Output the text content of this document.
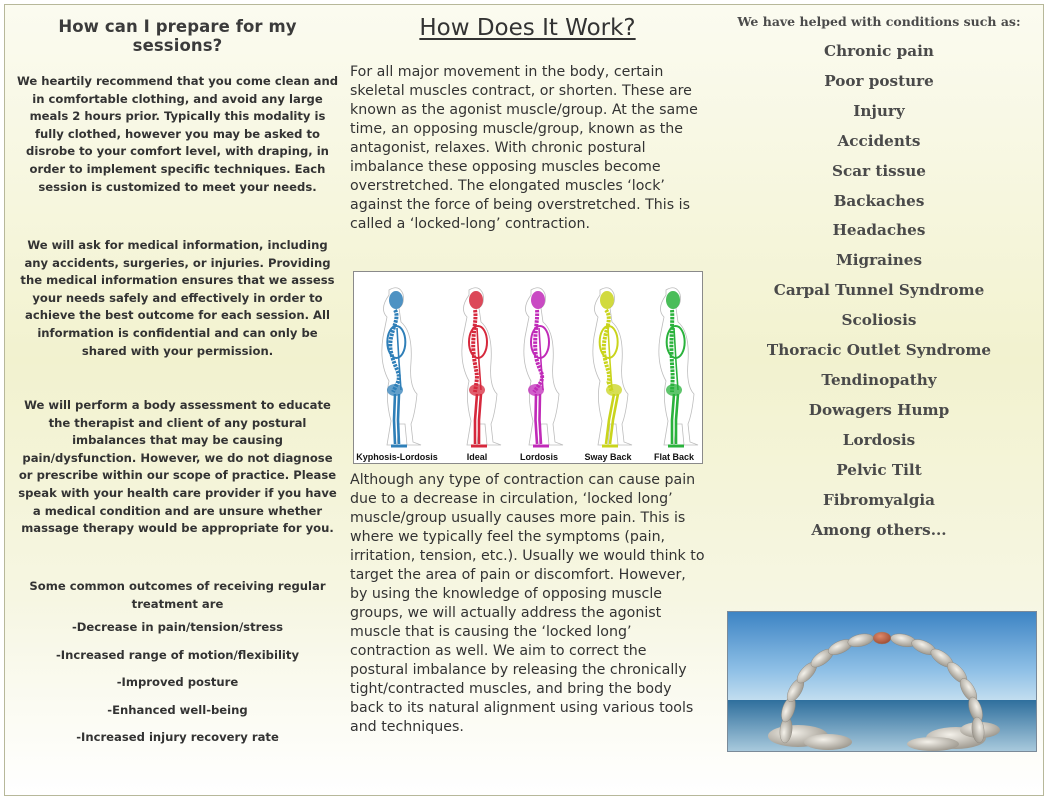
How can I prepare for my sessions?

We heartily recommend that you come clean and in comfortable clothing, and avoid any large meals 2 hours prior. Typically this modality is fully clothed, however you may be asked to disrobe to your comfort level, with draping, in order to implement specific techniques. Each session is customized to meet your needs.

We will ask for medical information, including any accidents, surgeries, or injuries. Providing the medical information ensures that we assess your needs safely and effectively in order to achieve the best outcome for each session. All information is confidential and can only be shared with your permission.

We will perform a body assessment to educate the therapist and client of any postural imbalances that may be causing pain/dysfunction. However, we do not diagnose or prescribe within our scope of practice. Please speak with your health care provider if you have a medical condition and are unsure whether massage therapy would be appropriate for you.

Some common outcomes of receiving regular treatment are
-Decrease in pain/tension/stress
-Increased range of motion/flexibility
-Improved posture
-Enhanced well-being
-Increased injury recovery rate
How Does It Work?

For all major movement in the body, certain skeletal muscles contract, or shorten. These are known as the agonist muscle/group. At the same time, an opposing muscle/group, known as the antagonist, relaxes. With chronic postural imbalance these opposing muscles become overstretched. The elongated muscles ‘lock’ against the force of being overstretched. This is called a ‘locked-long’ contraction.

Kyphosis-Lordosis	Ideal	Lordosis	Sway Back Flat Back

Although any type of contraction can cause pain due to a decrease in circulation, ‘locked long’ muscle/group usually causes more pain. This is where we typically feel the symptoms (pain, irritation, tension, etc.). Usually we would think to target the area of pain or discomfort. However, by using the knowledge of opposing muscle groups, we will actually address the agonist muscle that is causing the ‘locked long’ contraction as well. We aim to correct the postural imbalance by releasing the chronically tight/contracted muscles, and bring the body back to its natural alignment using various tools and techniques.

We have helped with conditions such as:
Chronic pain
Poor posture
Injury
Accidents
Scar tissue
Backaches
Headaches
Migraines
Carpal Tunnel Syndrome
Scoliosis
Thoracic Outlet Syndrome
Tendinopathy
Dowagers Hump
Lordosis
Pelvic Tilt
Fibromyalgia
Among others...
